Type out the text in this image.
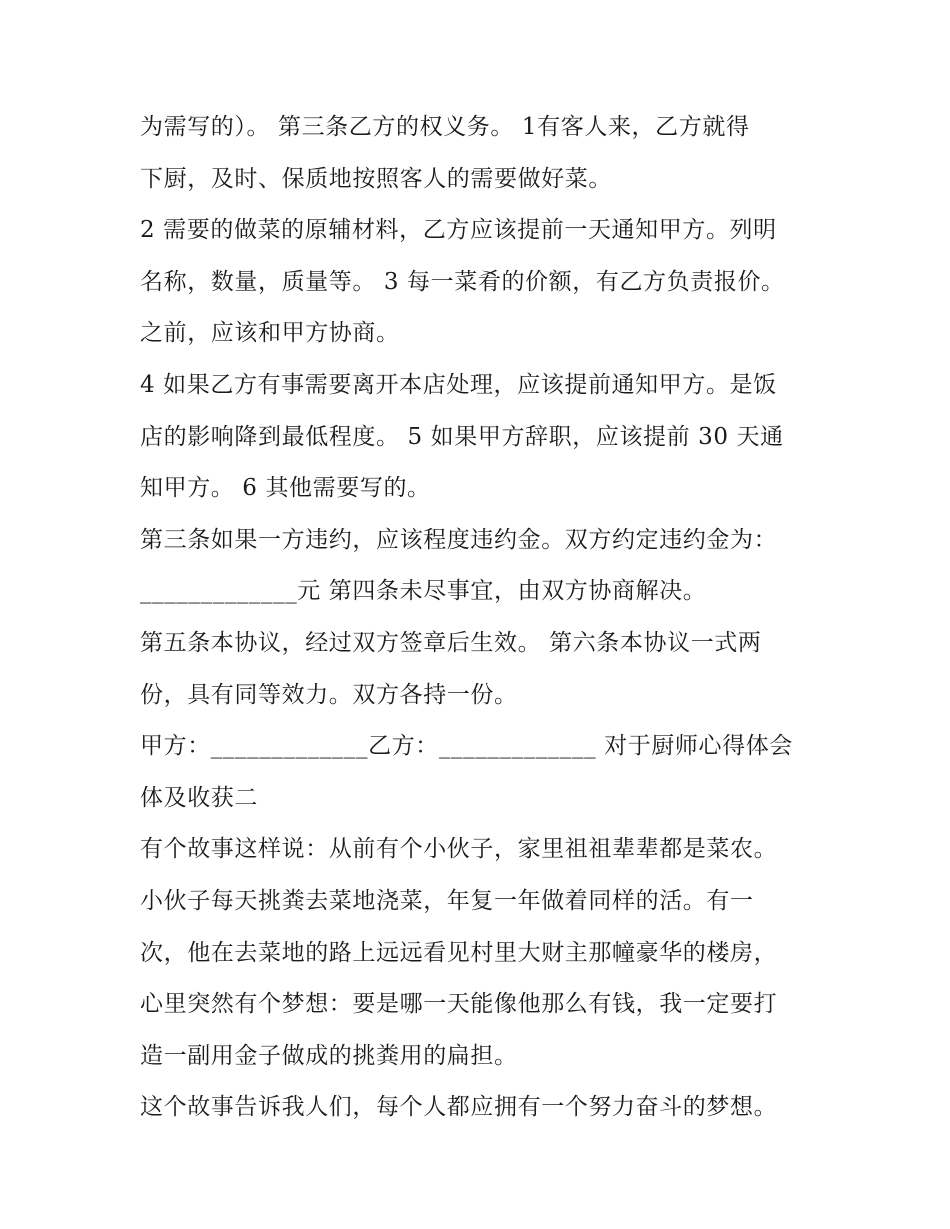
为需写的）。 第三条乙方的权义务。 1有客人来，乙方就得
下厨，及时、保质地按照客人的需要做好菜。
2 需要的做菜的原辅材料，乙方应该提前一天通知甲方。列明
名称，数量，质量等。 3 每一菜肴的价额，有乙方负责报价。
之前，应该和甲方协商。
4 如果乙方有事需要离开本店处理，应该提前通知甲方。是饭
店的影响降到最低程度。 5 如果甲方辞职，应该提前 30 天通
知甲方。 6 其他需要写的。
第三条如果一方违约，应该程度违约金。双方约定违约金为：
_____________元 第四条未尽事宜，由双方协商解决。
第五条本协议，经过双方签章后生效。 第六条本协议一式两
份，具有同等效力。双方各持一份。
甲方：_____________乙方：_____________ 对于厨师心得体会
体及收获二
有个故事这样说：从前有个小伙子，家里祖祖辈辈都是菜农。
小伙子每天挑粪去菜地浇菜，年复一年做着同样的活。有一
次，他在去菜地的路上远远看见村里大财主那幢豪华的楼房，
心里突然有个梦想：要是哪一天能像他那么有钱，我一定要打
造一副用金子做成的挑粪用的扁担。
这个故事告诉我人们，每个人都应拥有一个努力奋斗的梦想。
